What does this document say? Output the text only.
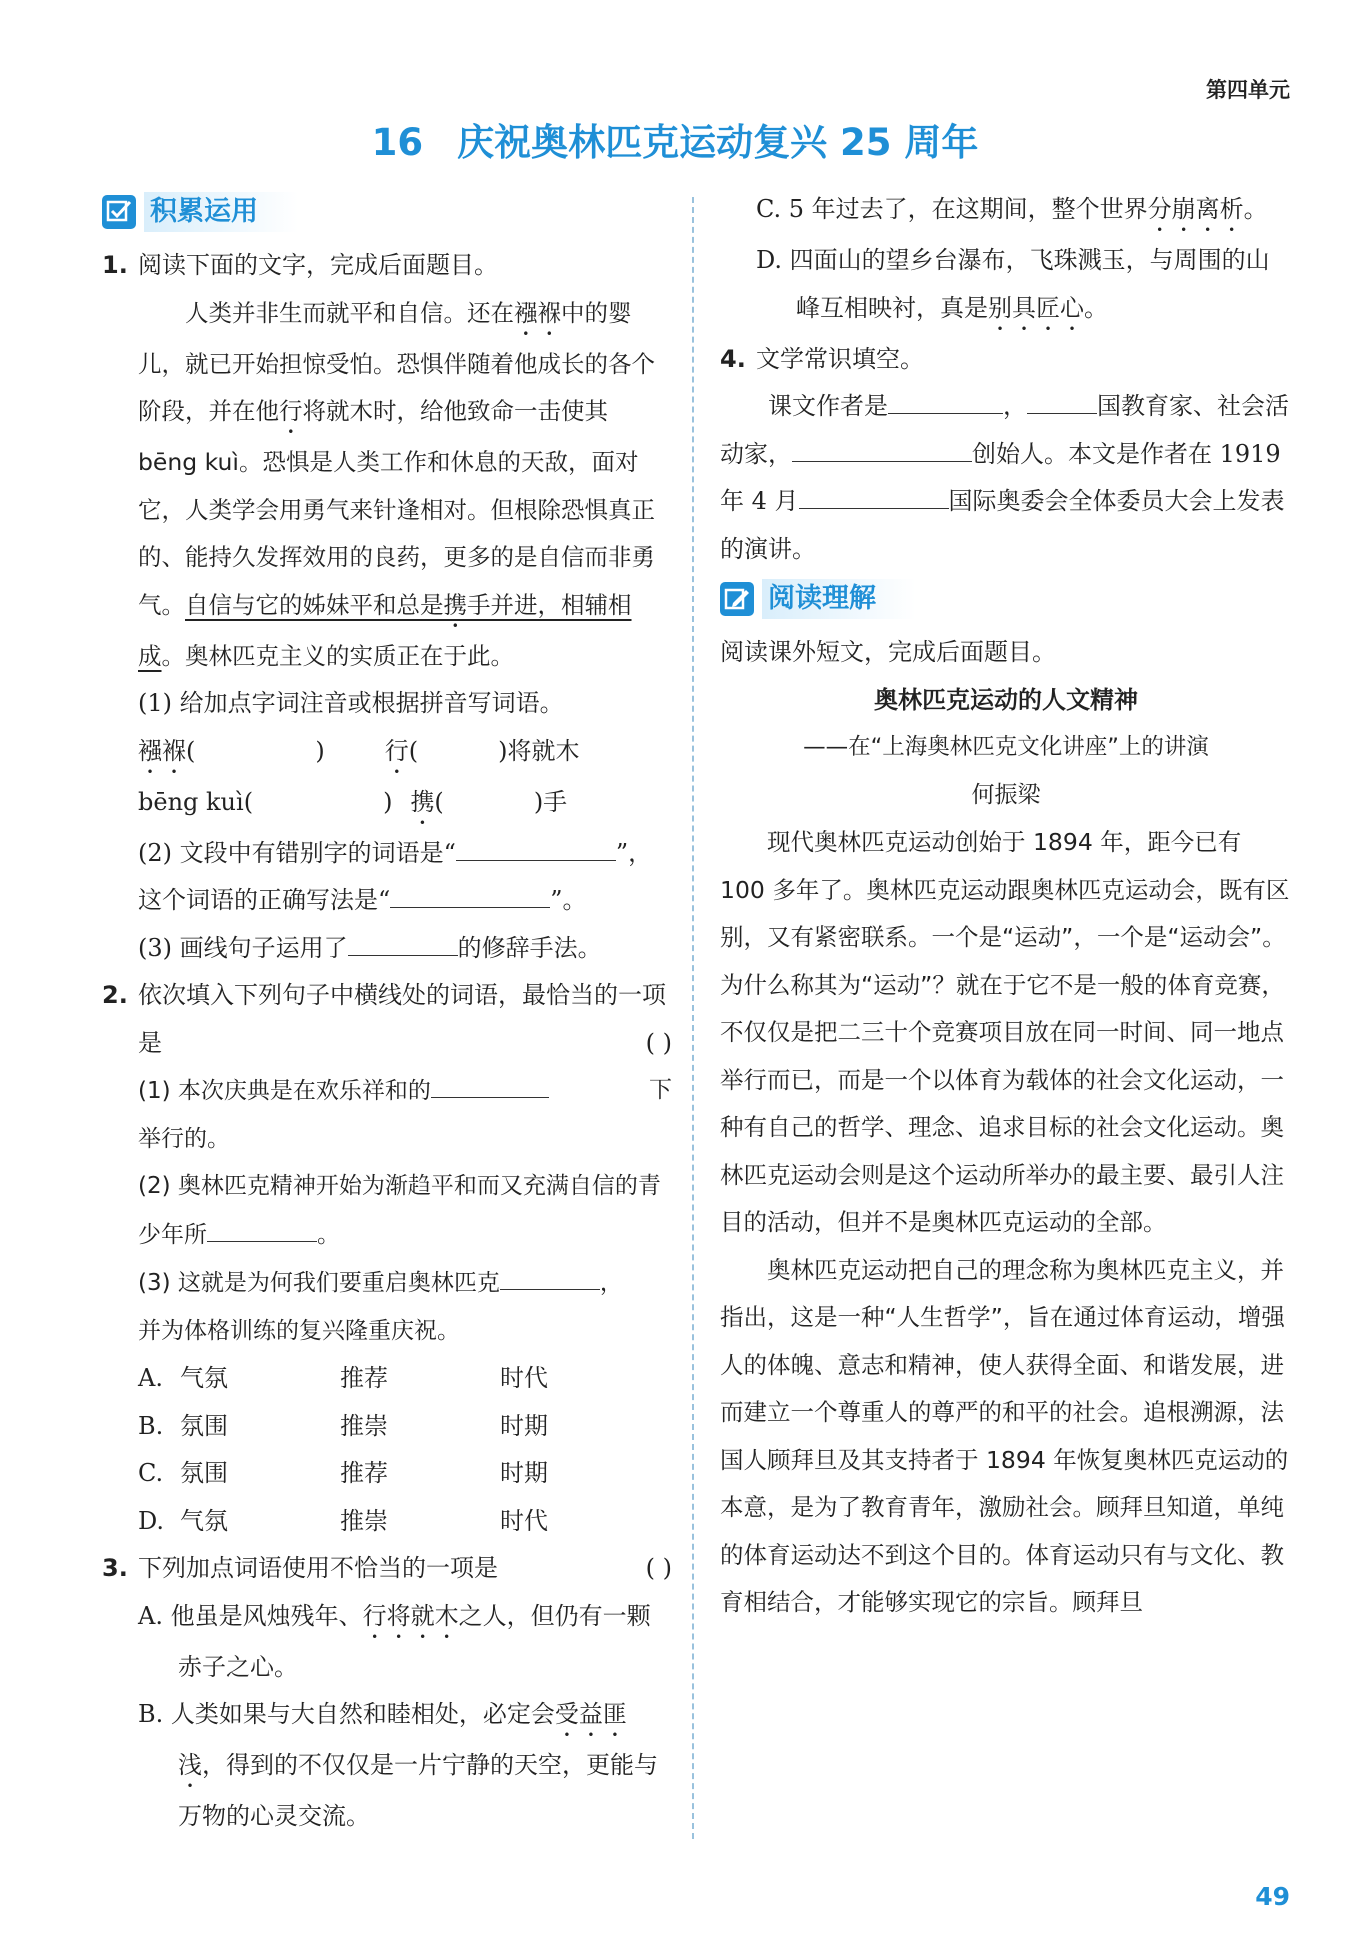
第四单元
16 庆祝奥林匹克运动复兴 25 周年
积累运用
1. 阅读下面的文字，完成后面题目。

人类并非生而就平和自信。还在襁褓中的婴儿，就已开始担惊受怕。恐惧伴随着他成长的各个阶段，并在他行将就木时，给他致命一击使其 bēng kuì。恐惧是人类工作和休息的天敌，面对它，人类学会用勇气来针逢相对。但根除恐惧真正的、能持久发挥效用的良药，更多的是自信而非勇气。自信与它的姊妹平和总是携手并进，相辅相成。奥林匹克主义的实质正在于此。

(1) 给加点字词注音或根据拼音写词语。

襁褓(	)	行(	)将就木

bēng kuì(	) 携(	)手

(2) 文段中有错别字的词语是“	”，

这个词语的正确写法是“	”。

(3) 画线句子运用了	的修辞手法。

2. 依次填入下列句子中横线处的词语，最恰当的一项是	( )

(1) 本次庆典是在欢乐祥和的	下

举行的。

(2) 奥林匹克精神开始为渐趋平和而又充满自信的青少年所	。

(3) 这就是为何我们要重启奥林匹克	，

并为体格训练的复兴隆重庆祝。

A. 气氛	推荐	时代
B. 氛围	推崇	时期
C. 氛围	推荐	时期
D. 气氛	推崇	时代
3. 下列加点词语使用不恰当的一项是	( )

A. 他虽是风烛残年、行将就木之人，但仍有一颗赤子之心。

B. 人类如果与大自然和睦相处，必定会受益匪浅，得到的不仅仅是一片宁静的天空，更能与万物的心灵交流。

C. 5 年过去了，在这期间，整个世界分崩离析。

D. 四面山的望乡台瀑布，飞珠溅玉，与周围的山峰互相映衬，真是别具匠心。

4. 文学常识填空。

课文作者是	，	国教育家、社会活动家，	创始人。本文是作者在 1919 年 4 月	国际奥委会全体委员大会上发表的演讲。

阅读理解

阅读课外短文，完成后面题目。

奥林匹克运动的人文精神

——在“上海奥林匹克文化讲座”上的讲演

何振梁

现代奥林匹克运动创始于 1894 年，距今已有 100 多年了。奥林匹克运动跟奥林匹克运动会，既有区别，又有紧密联系。一个是“运动”，一个是“运动会”。为什么称其为“运动”？就在于它不是一般的体育竞赛，不仅仅是把二三十个竞赛项目放在同一时间、同一地点举行而已，而是一个以体育为载体的社会文化运动，一种有自己的哲学、理念、追求目标的社会文化运动。奥林匹克运动会则是这个运动所举办的最主要、最引人注目的活动，但并不是奥林匹克运动的全部。

奥林匹克运动把自己的理念称为奥林匹克主义，并指出，这是一种“人生哲学”，旨在通过体育运动，增强人的体魄、意志和精神，使人获得全面、和谐发展，进而建立一个尊重人的尊严的和平的社会。追根溯源，法国人顾拜旦及其支持者于 1894 年恢复奥林匹克运动的本意，是为了教育青年，激励社会。顾拜旦知道，单纯的体育运动达不到这个目的。体育运动只有与文化、教育相结合，才能够实现它的宗旨。顾拜旦

49
